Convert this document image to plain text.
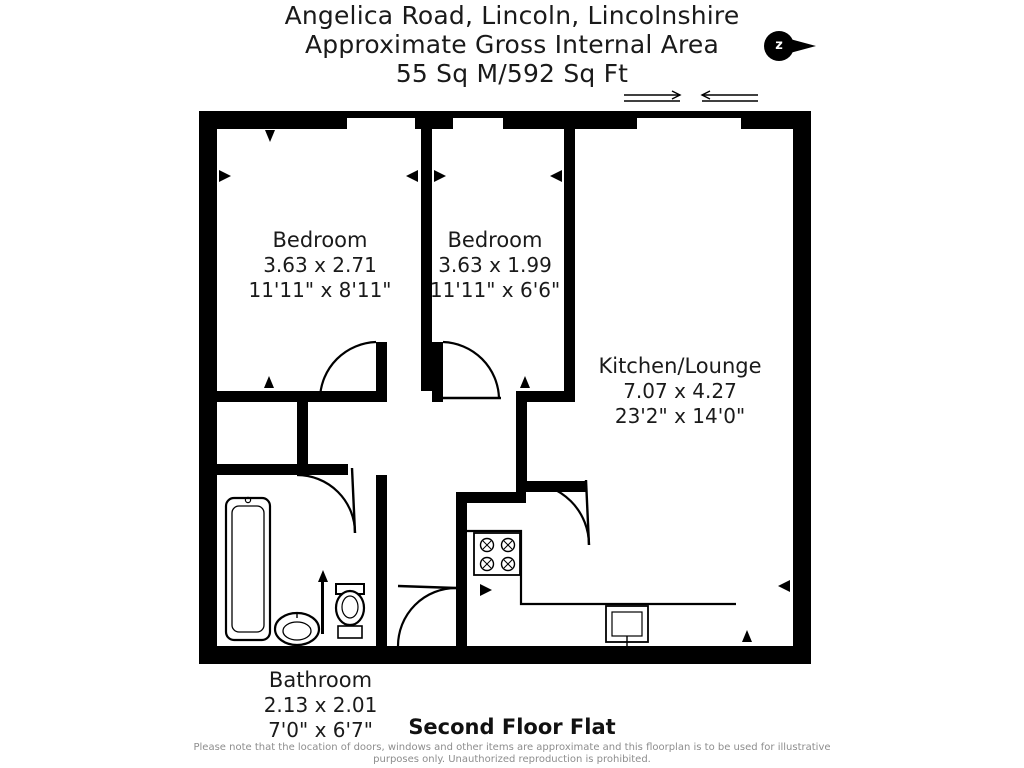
Angelica Road, Lincoln, Lincolnshire
Approximate Gross Internal Area
55 Sq M/592 Sq Ft
z
Bedroom
3.63 x 2.71
11'11" x 8'11"
Bedroom
3.63 x 1.99
11'11" x 6'6"
Kitchen/Lounge
7.07 x 4.27
23'2" x 14'0"
Bathroom
2.13 x 2.01
7'0" x 6'7"	Second Floor Flat
Please note that the location of doors, windows and other items are approximate and this floorplan is to be used for illustrative
purposes only. Unauthorized reproduction is prohibited.
